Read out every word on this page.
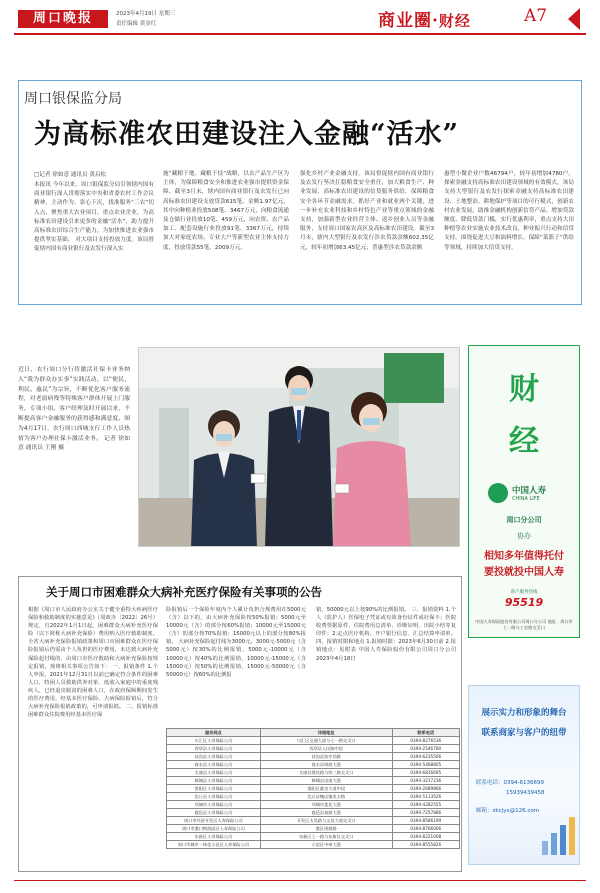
周口晚报	2023年4月19日 星期三
责任编辑 黄金红	商业圈·财经	A7
周口银保监分局
为高标准农田建设注入金融“活水”
□记者 徐如意 通讯员 黄启松
本报讯 今年以来，周口银保监分局引领辖内国有商业银行深入贯彻落实中央和省委农村工作会议精神，主动作为、靠心下沉，找准服务“三农”切入点，聚焦重大农业项目、重点农业企业，为高标准农田建设引来更多的金融“活水”，助力提升高标准农田综合生产能力，为加快推进农业强市提供坚实基础。 对大项目支持投放力度。该局督促辖内国有商业银行及农发行深入实
施“藏粮于地、藏粮于技”战略，以农产品生产区为主体，为保障粮食安全和推进农业强市提供资金保障。截至3月末，辖内国有商业银行及农发行已向高标准农田建设支放贷款615笔、金额1.97亿元，其中向种植业投放508笔、3467万元，向粮食流通及仓储行业投放10笔、459万元，向农资、农产品加工、配套设施行业投放91笔、3367万元，持续加大对家庭农场、专业大户等新型农业主体支持力度，投放贷款55笔、2009万元。
强化乡村产业金融支持。该局督促辖内国有商业银行及农发行坚决扛稳粮食安全重任，加大粮食生产、种业发展、高标准农田建设的信贷服务供给，保障粮食安全各环节金融需求。抓好产业和就业两个关键，进一步补充农业科技和乡村特色产业等重点领域的金融支持，加强新型农业经营主体、返乡创业人员等金融服务，支持周口国家农高区及高标准农田建设。截至3月末，辖内大型银行及农发行涉农贷款余额602.35亿元，较年初增加63.45亿元；普惠型涉农贷款余额
惠型小微企业户数46794户，较年初增加4780户。 探索金融支持高标准农田建设领域的有效模式。该局支持大型银行及农发行探索金融支持高标准农田建设、土地整治、耕地保护等项目的可行模式，创新农村农业发展，助推金融机构创新信贷产品、增加贷款额度、降低贷款门槛，实行优惠利率，重点支持大田种植等农业实施农业技术改良、种业振兴行动和信贷支持。围绕促进大豆和油料增长、保障“菜篮子”供给等领域，持续加大信贷支持。
近日，农行周口分行将激活社保卡业务纳入“我为群众办实事”实践活动，以“便民、利民、惠民”为宗旨，不断优化客户服务流程，对老弱病残等特殊客户群体开展上门服务，专项小组、客户经理及时开展以来，不断提高客户金融服务的获得感和满意度。图为4月17日，农行周口西城支行工作人员热情为客户办理社保卡激活业务。 记者 徐如意 通讯员 王刚 摄
财
经
中国人寿
CHINA LIFE
周口分公司
协办
相知多年值得托付
要投就投中国人寿
客户服务热线
95519
中国人寿保险股份有限公司周口分公司 地址：周口市七一路与工农路交叉口
关于周口市困难群众大病补充医疗保险有关事项的公告
根据《周口市人民政府办公室关于健全重特大疾病医疗保险和救助制度的实施意见》（周政办〔2022〕26号）规定，自2022年1月1日起，困难群众大病补充医疗保险（以下简称大病补充保险）费用纳入医疗救助制度。全省大病补充保险报销政策和周口市困难群众在医疗保险报销后仍需由个人负担的医疗费用，未达到大病补充保险起付线的，由周口市医疗救助和大病补充保险按规定报销。现将相关事项公告如下： 一、报销条件 1.个人申报。2021年12月31日以前已确定符合条件的困难人口，特困人员救助供养对象、低收入家庭中的重度残疾人，已经退出脱贫的困难人口，在政府保障期间发生的医疗费用，经基本医疗保险、大病保险报销后，符合大病补充保险报销政策的，可申请报销。 二、报销标准 困难群众住院费用经基本医疗保
险报销后一个保险年度内个人累计负担合规费用在5000元（含）以下的，由大病补充保险按50%报销；5000元至10000元（含）的部分按60%报销；10000元至15000元（含）的部分按70%报销；15000元以上的部分按80%报销。 大病补充保险起付线为3000元。3000元-5000元（含5000元）按30%的比例报销，5000元-10000元（含10000元）按40%的比例报销，10000元-15000元（含15000元）按50%的比例报销，15000元-50000元（含50000元）按60%的比例报
销，50000元以上按90%的比例报销。 三、报销资料 1.个人（监护人）医保电子凭证或有效身份证件或社保卡；医院收费票据原件、住院费用总清单、诊断证明、出院小结等复印件；2.定点医疗机构、开户银行信息、汇总结算申请单。 四、报销时限和地点 1.报销时限：2023年6月30日前 2.报销地点：见附表 中国人寿保险股份有限公司周口分公司 2023年4月18日
服务网点	详细地址	联系电话
川汇区人寿保险公司	川汇区交通大道与七一路交叉口	0394-8276536
西华县人寿保险公司	西华县人民路中段	0394-2546780
扶沟县人寿保险公司	扶沟县扶亭西路	0394-6235566
商水县人寿保险公司	商水县周商大道	0394-5468805
太康县人寿保险公司	太康县建设路与纬三路交叉口	0394-6816695
郸城县人寿保险公司	郸城县洺南大道	0394-3217236
淮阳区人寿保险公司	淮阳区羲皇大道中段	0394-2689866
沈丘县人寿保险公司	沈丘县槐店镇兆丰路	0394-5113526
项城市人寿保险公司	项城市莲花大道	0394-4282555
鹿邑县人寿保险公司	鹿邑县真源大道	0394-7257886
周口市经济开发区人寿保险公司	开发区太昊路与文昌大道交叉口	0394-8586199
周口市港口物流园区人寿保险公司	港区周商路	0394-8766006
东新区人寿保险公司	东新区七一路与东新区交叉口	0394-8221008
周口市城乡一体化示范区人寿保险公司	示范区中州大道	0394-8555826
展示实力和形象的舞台
联系商家与客户的纽带
联系电话：0394-6136699
15939439458
邮箱：zkcjyx@126.com
